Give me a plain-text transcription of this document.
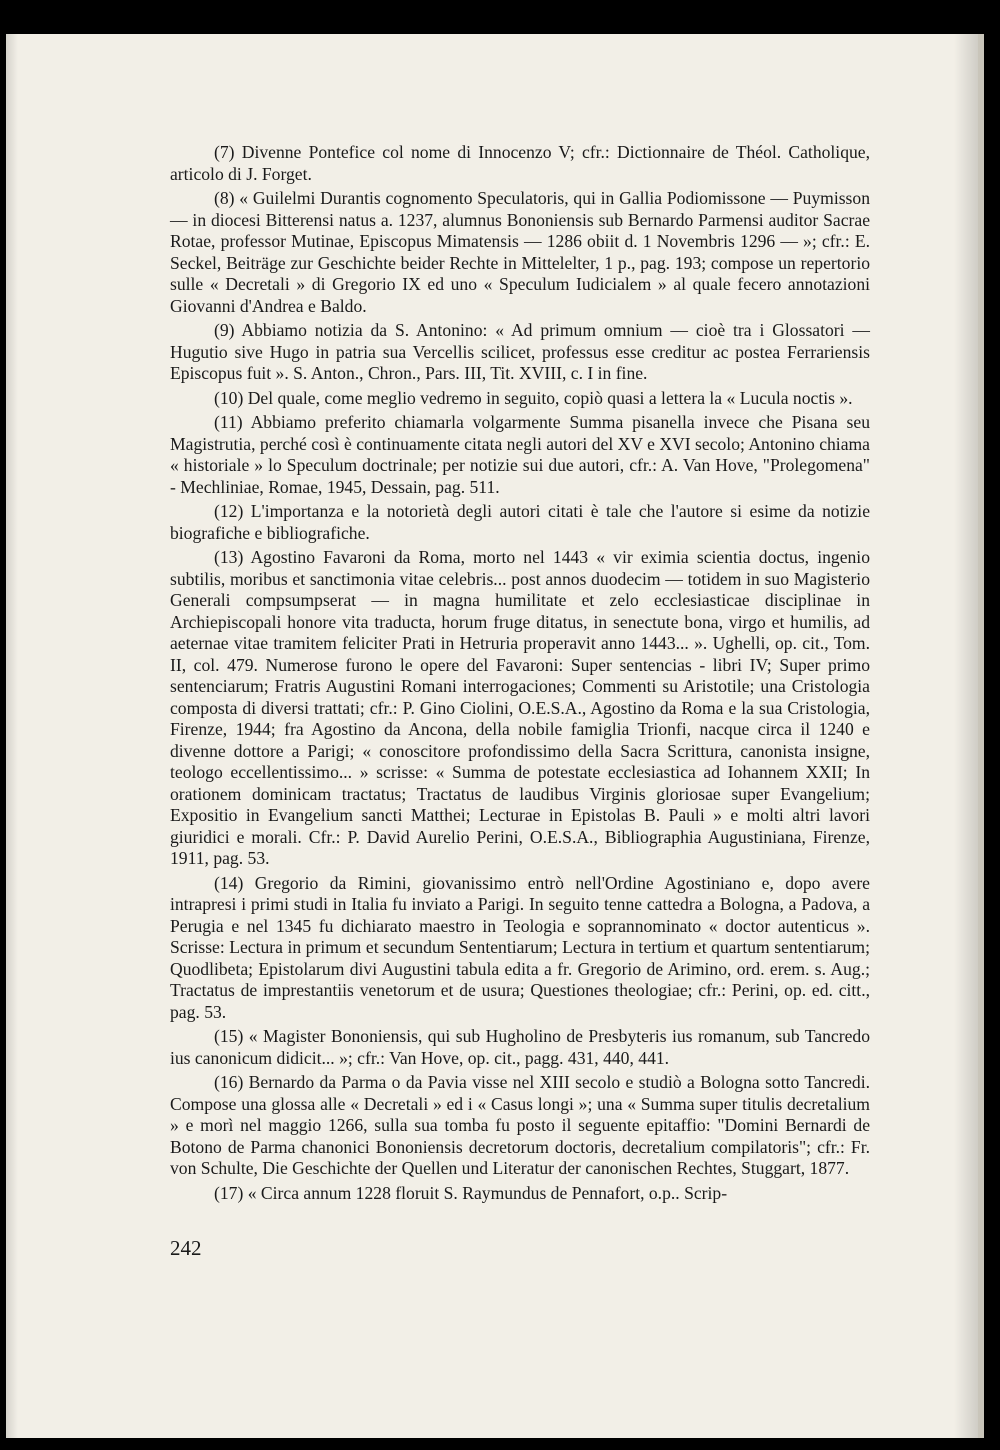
(7) Divenne Pontefice col nome di Innocenzo V; cfr.: Dictionnaire de Théol. Catholique, articolo di J. Forget.

(8) « Guilelmi Durantis cognomento Speculatoris, qui in Gallia Podiomissone — Puymisson — in diocesi Bitterensi natus a. 1237, alumnus Bononiensis sub Bernardo Parmensi auditor Sacrae Rotae, professor Mutinae, Episcopus Mimatensis — 1286 obiit d. 1 Novembris 1296 — »; cfr.: E. Seckel, Beiträge zur Geschichte beider Rechte in Mittelelter, 1 p., pag. 193; compose un repertorio sulle « Decretali » di Gregorio IX ed uno « Speculum Iudicialem » al quale fecero annotazioni Giovanni d'Andrea e Baldo.

(9) Abbiamo notizia da S. Antonino: « Ad primum omnium — cioè tra i Glossatori — Hugutio sive Hugo in patria sua Vercellis scilicet, professus esse creditur ac postea Ferrariensis Episcopus fuit ». S. Anton., Chron., Pars. III, Tit. XVIII, c. I in fine.

(10) Del quale, come meglio vedremo in seguito, copiò quasi a lettera la « Lucula noctis ».

(11) Abbiamo preferito chiamarla volgarmente Summa pisanella invece che Pisana seu Magistrutia, perché così è continuamente citata negli autori del XV e XVI secolo; Antonino chiama « historiale » lo Speculum doctrinale; per notizie sui due autori, cfr.: A. Van Hove, "Prolegomena" - Mechliniae, Romae, 1945, Dessain, pag. 511.

(12) L'importanza e la notorietà degli autori citati è tale che l'autore si esime da notizie biografiche e bibliografiche.

(13) Agostino Favaroni da Roma, morto nel 1443 « vir eximia scientia doctus, ingenio subtilis, moribus et sanctimonia vitae celebris... post annos duodecim — totidem in suo Magisterio Generali compsumpserat — in magna humilitate et zelo ecclesiasticae disciplinae in Archiepiscopali honore vita traducta, horum fruge ditatus, in senectute bona, virgo et humilis, ad aeternae vitae tramitem feliciter Prati in Hetruria properavit anno 1443... ». Ughelli, op. cit., Tom. II, col. 479. Numerose furono le opere del Favaroni: Super sentencias - libri IV; Super primo sentenciarum; Fratris Augustini Romani interrogaciones; Commenti su Aristotile; una Cristologia composta di diversi trattati; cfr.: P. Gino Ciolini, O.E.S.A., Agostino da Roma e la sua Cristologia, Firenze, 1944; fra Agostino da Ancona, della nobile famiglia Trionfi, nacque circa il 1240 e divenne dottore a Parigi; « conoscitore profondissimo della Sacra Scrittura, canonista insigne, teologo eccellentissimo... » scrisse: « Summa de potestate ecclesiastica ad Iohannem XXII; In orationem dominicam tractatus; Tractatus de laudibus Virginis gloriosae super Evangelium; Expositio in Evangelium sancti Matthei; Lecturae in Epistolas B. Pauli » e molti altri lavori giuridici e morali. Cfr.: P. David Aurelio Perini, O.E.S.A., Bibliographia Augustiniana, Firenze, 1911, pag. 53.

(14) Gregorio da Rimini, giovanissimo entrò nell'Ordine Agostiniano e, dopo avere intrapresi i primi studi in Italia fu inviato a Parigi. In seguito tenne cattedra a Bologna, a Padova, a Perugia e nel 1345 fu dichiarato maestro in Teologia e soprannominato « doctor autenticus ». Scrisse: Lectura in primum et secundum Sententiarum; Lectura in tertium et quartum sententiarum; Quodlibeta; Epistolarum divi Augustini tabula edita a fr. Gregorio de Arimino, ord. erem. s. Aug.; Tractatus de imprestantiis venetorum et de usura; Questiones theologiae; cfr.: Perini, op. ed. citt., pag. 53.

(15) « Magister Bononiensis, qui sub Hugholino de Presbyteris ius romanum, sub Tancredo ius canonicum didicit... »; cfr.: Van Hove, op. cit., pagg. 431, 440, 441.

(16) Bernardo da Parma o da Pavia visse nel XIII secolo e studiò a Bologna sotto Tancredi. Compose una glossa alle « Decretali » ed i « Casus longi »; una « Summa super titulis decretalium » e morì nel maggio 1266, sulla sua tomba fu posto il seguente epitaffio: "Domini Bernardi de Botono de Parma chanonici Bononiensis decretorum doctoris, decretalium compilatoris"; cfr.: Fr. von Schulte, Die Geschichte der Quellen und Literatur der canonischen Rechtes, Stuggart, 1877.

(17) « Circa annum 1228 floruit S. Raymundus de Pennafort, o.p.. Scrip-

242
